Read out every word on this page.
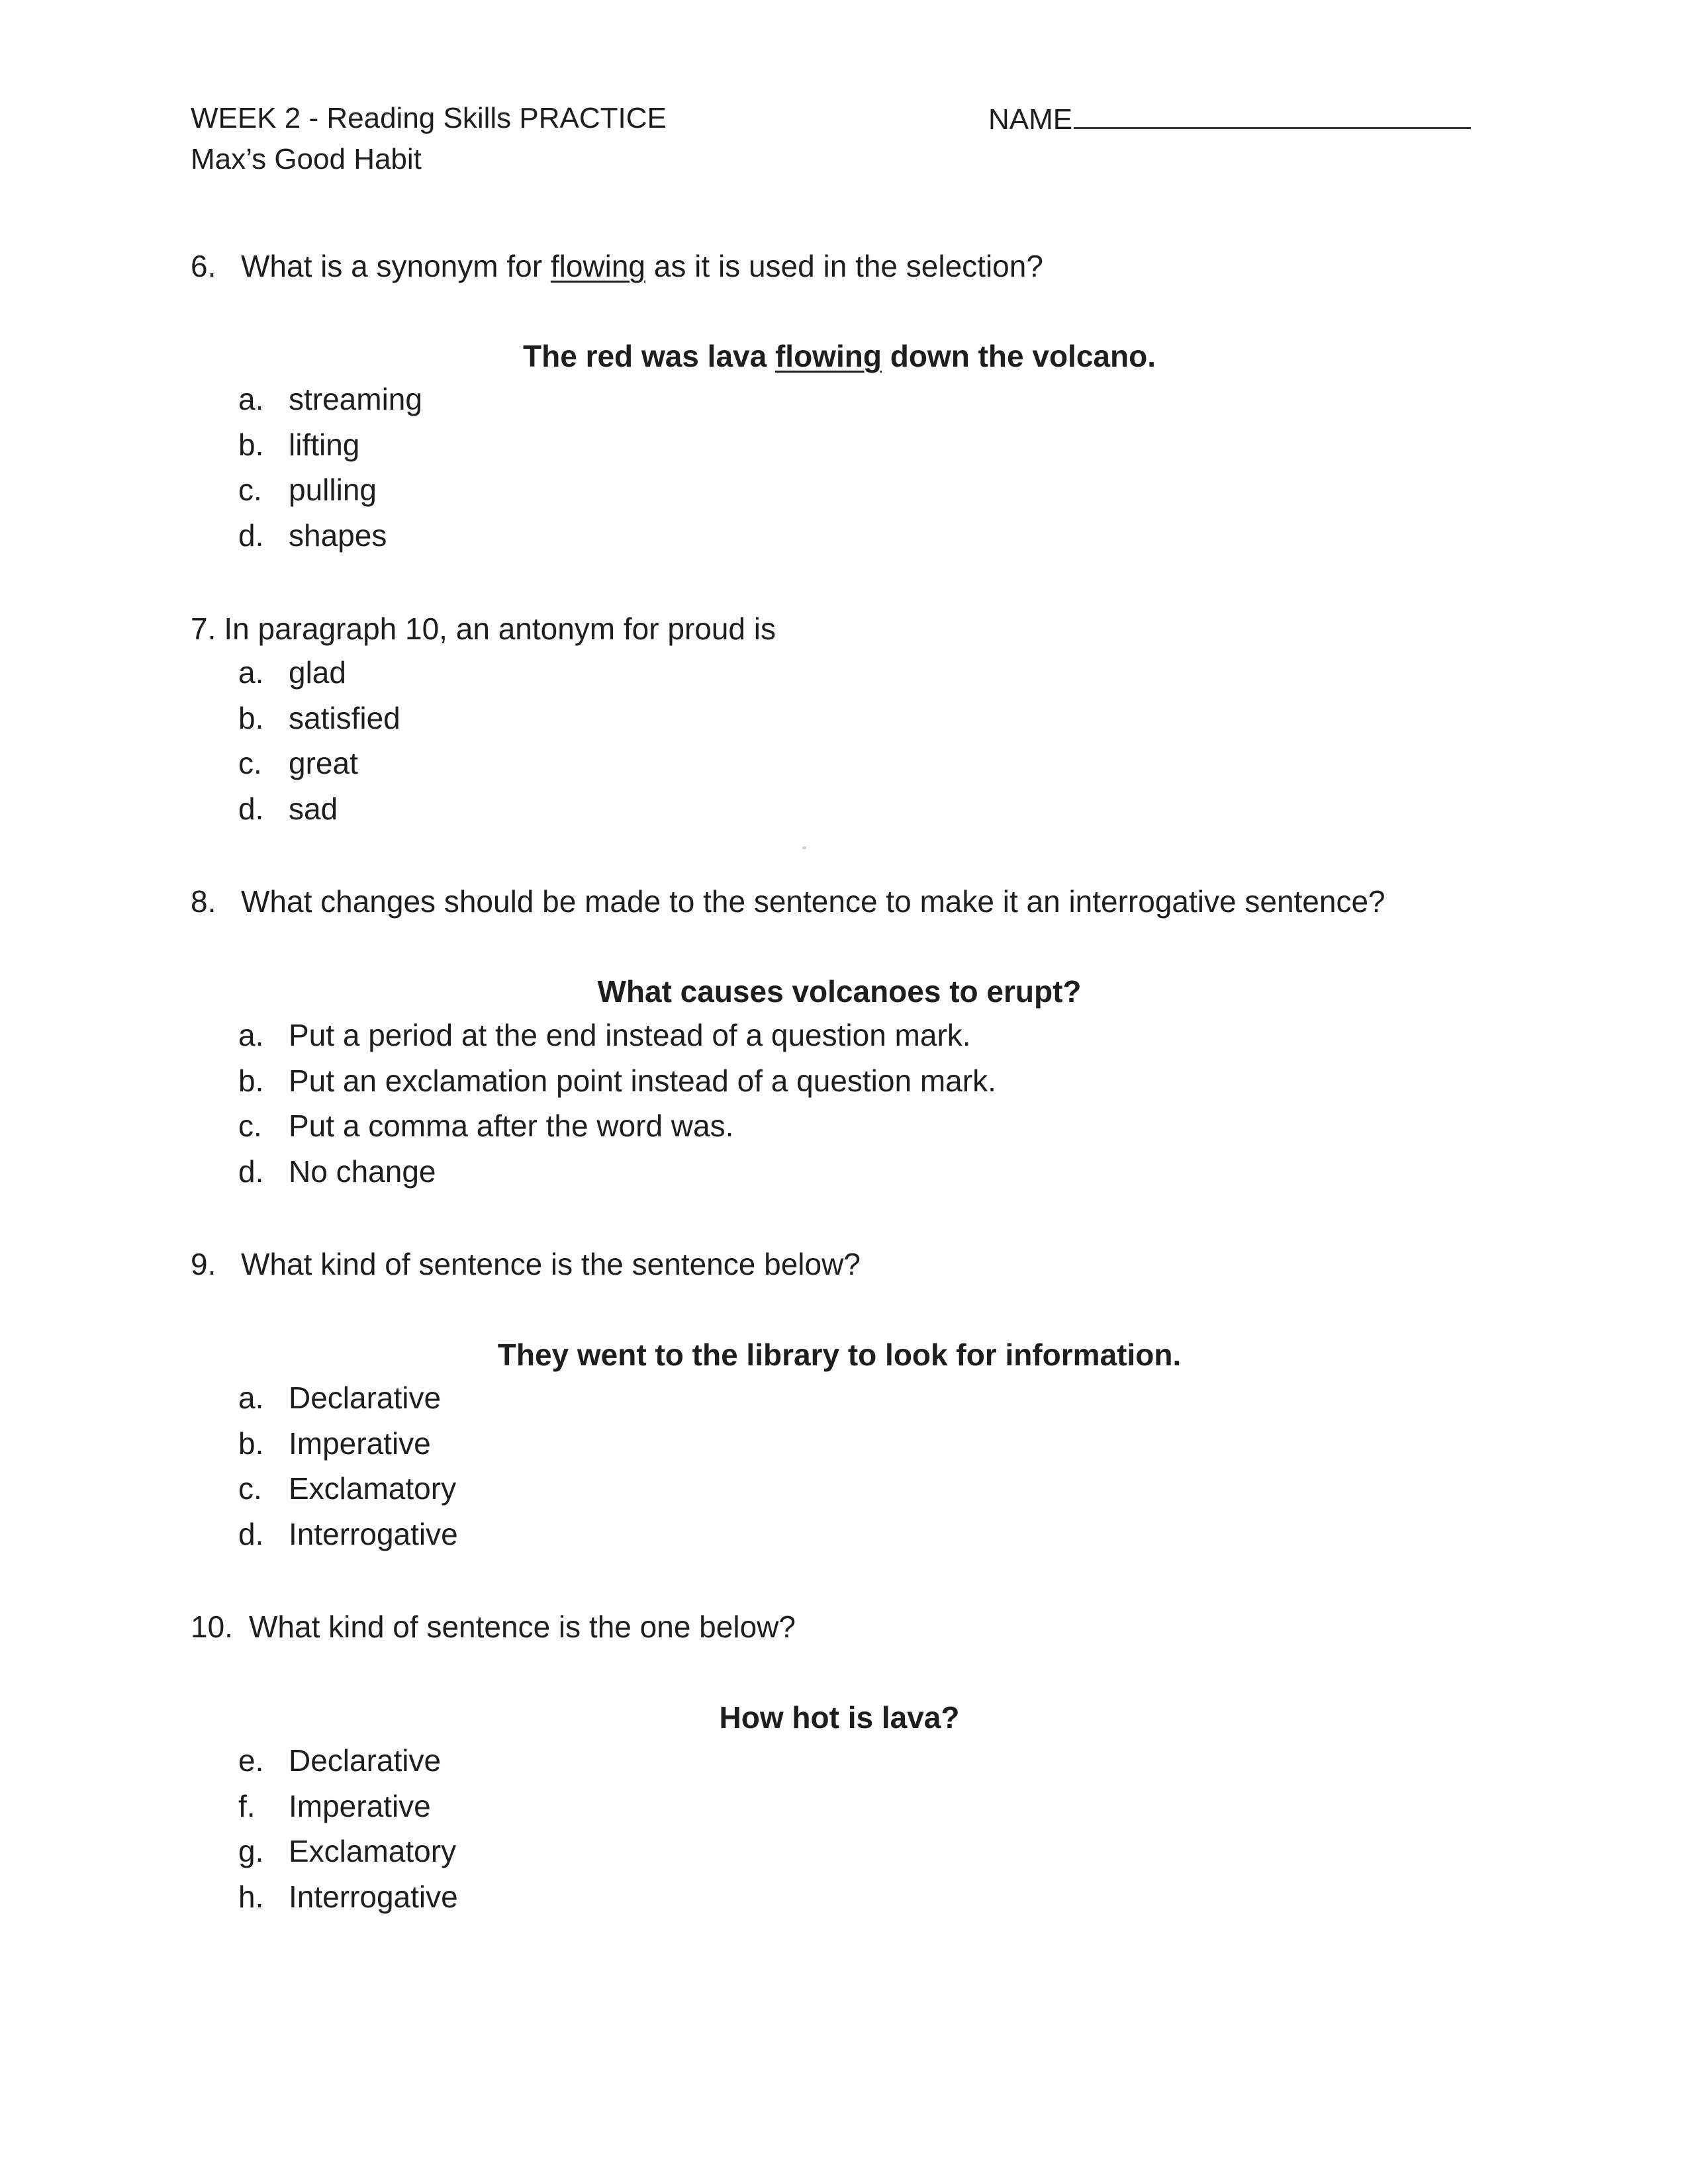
WEEK 2 - Reading Skills PRACTICE
Max’s Good Habit
NAME
6. What is a synonym for flowing as it is used in the selection?
The red was lava flowing down the volcano.
a. streaming
b. lifting
c. pulling
d. shapes
7. In paragraph 10, an antonym for proud is
a. glad
b. satisfied
c. great
d. sad
8. What changes should be made to the sentence to make it an interrogative sentence?
What causes volcanoes to erupt?
a. Put a period at the end instead of a question mark.
b. Put an exclamation point instead of a question mark.
c. Put a comma after the word was.
d. No change
9. What kind of sentence is the sentence below?
They went to the library to look for information.
a. Declarative
b. Imperative
c. Exclamatory
d. Interrogative
10. What kind of sentence is the one below?
How hot is lava?
e. Declarative
f. Imperative
g. Exclamatory
h. Interrogative
